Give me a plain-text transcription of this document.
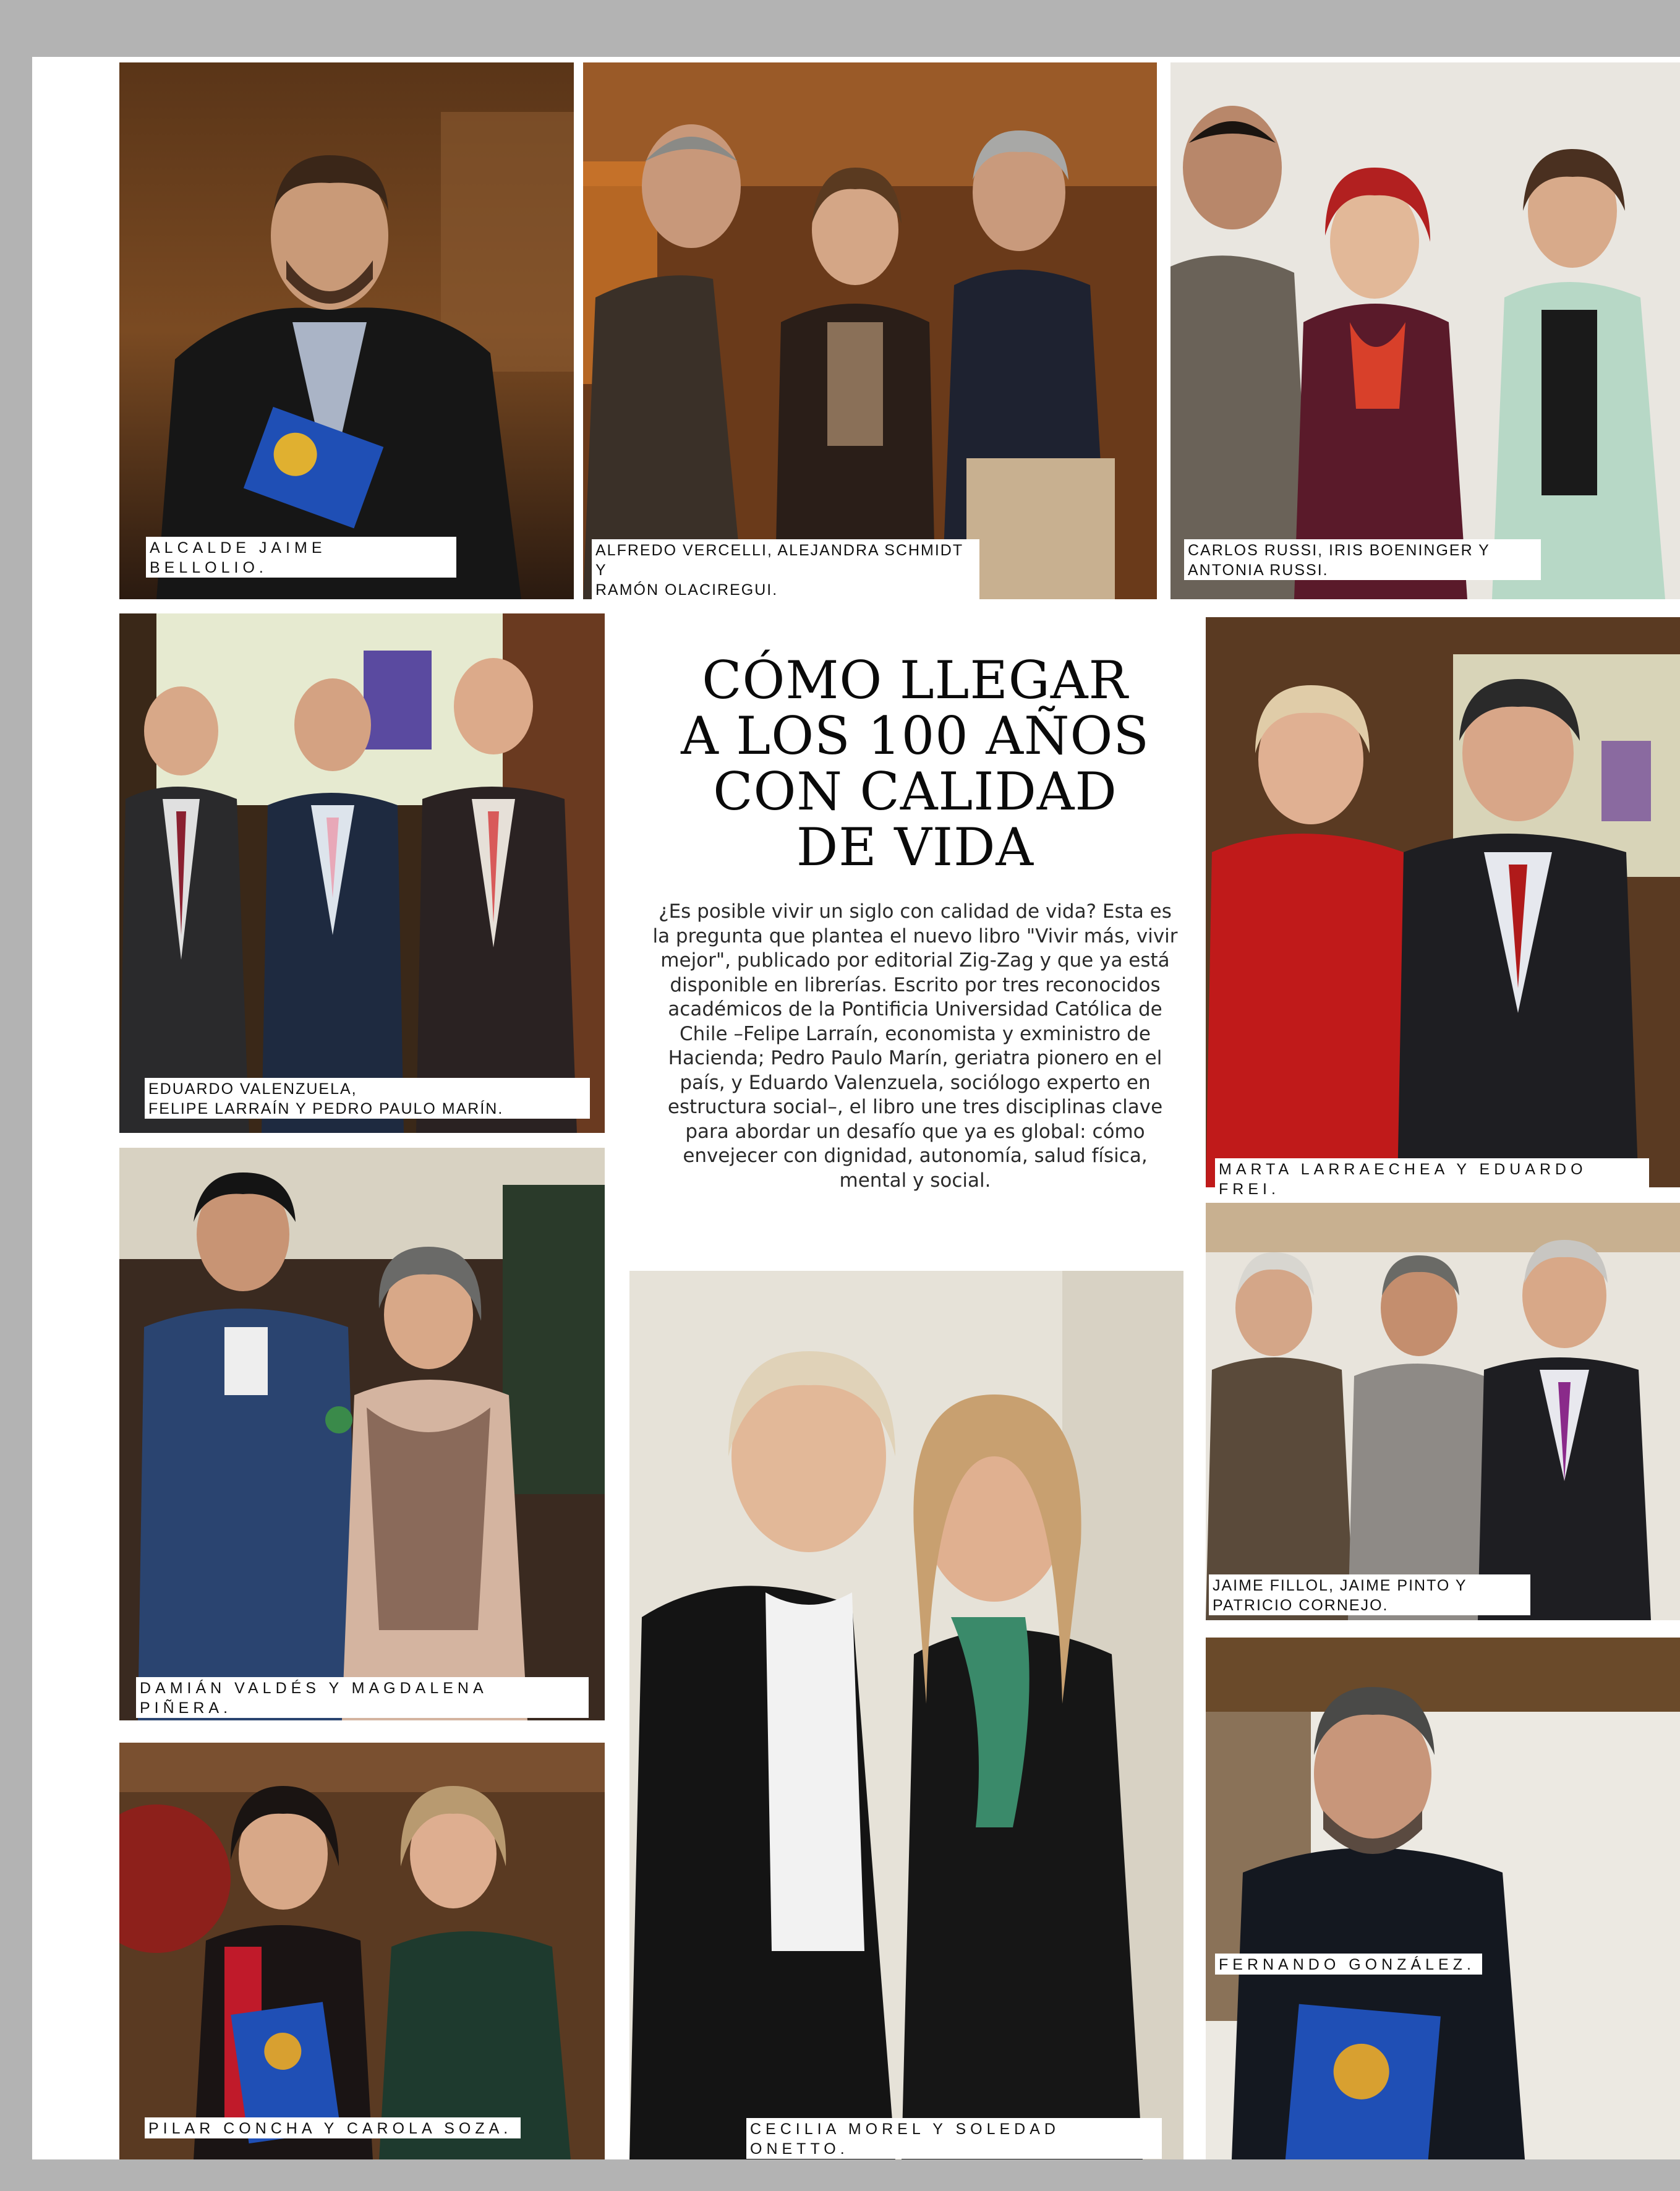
ALCALDE JAIME BELLOLIO.
ALFREDO VERCELLI, ALEJANDRA SCHMIDT Y
RAMÓN OLACIREGUI.
CARLOS RUSSI, IRIS BOENINGER Y
ANTONIA RUSSI.
EDUARDO VALENZUELA,
FELIPE LARRAÍN Y PEDRO PAULO MARÍN.
CÓMO LLEGAR
A LOS 100 AÑOS
CON CALIDAD
DE VIDA

¿Es posible vivir un siglo con calidad de vida? Esta es la pregunta que plantea el nuevo libro "Vivir más, vivir mejor", publicado por editorial Zig-Zag y que ya está disponible en librerías. Escrito por tres reconocidos académicos de la Pontificia Universidad Católica de Chile –Felipe Larraín, economista y exministro de Hacienda; Pedro Paulo Marín, geriatra pionero en el país, y Eduardo Valenzuela, sociólogo experto en estructura social–, el libro une tres disciplinas clave para abordar un desafío que ya es global: cómo envejecer con dignidad, autonomía, salud física, mental y social.	MARTA LARRAECHEA Y EDUARDO FREI.
DAMIÁN VALDÉS Y MAGDALENA PIÑERA.
JAIME FILLOL, JAIME PINTO Y
PATRICIO CORNEJO.
FERNANDO GONZÁLEZ.
PILAR CONCHA Y CAROLA SOZA.	CECILIA MOREL Y SOLEDAD ONETTO.
